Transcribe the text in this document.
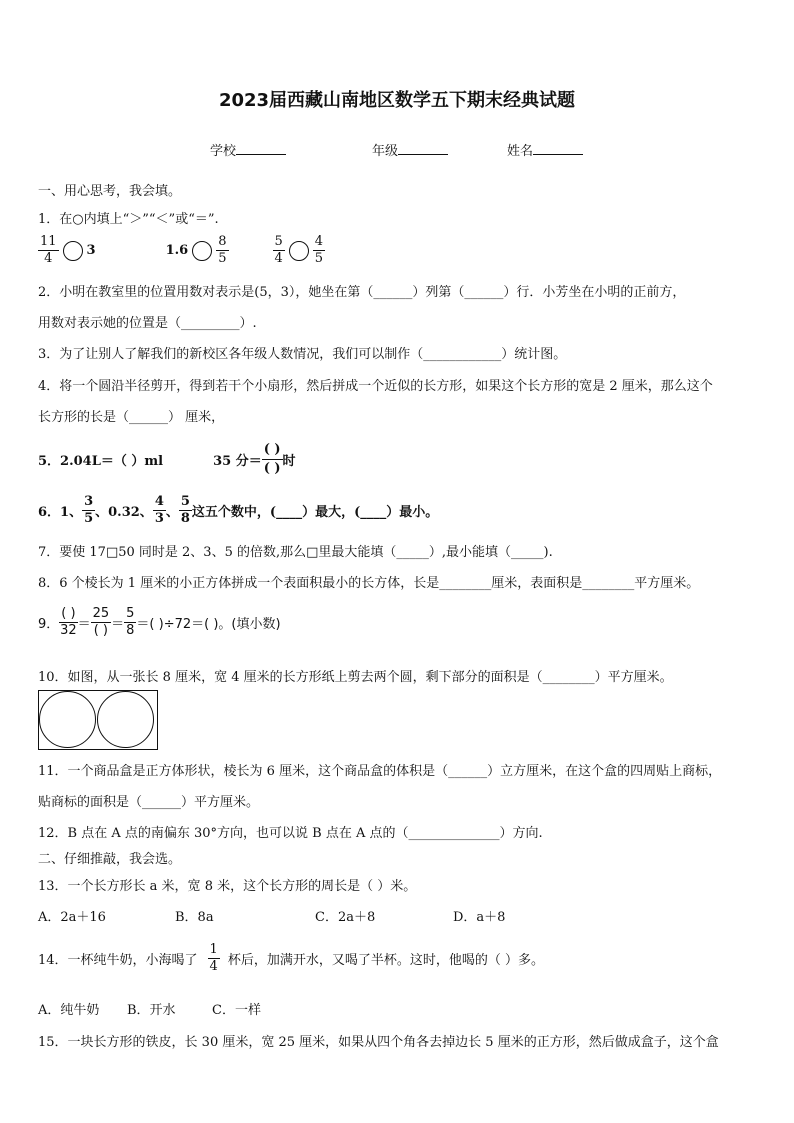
2023届西藏山南地区数学五下期末经典试题
学校	年级	姓名
一、用心思考，我会填。
1．在○内填上“＞”“＜”或“＝”.
$\frac{11}{4} 3$	$1.6 \frac{8}{5}$	$\frac{5}{4} \frac{4}{5}$
2．小明在教室里的位置用数对表示是(5，3），她坐在第（______）列第（______）行．小芳坐在小明的正前方，
用数对表示她的位置是（_________）.
3．为了让别人了解我们的新校区各年级人数情况，我们可以制作（____________）统计图。
4．将一个圆沿半径剪开，得到若干个小扇形，然后拼成一个近似的长方形，如果这个长方形的宽是 2 厘米，那么这个
长方形的长是（______） 厘米，
5．2.04L＝（ ）ml	35 分＝ $\frac{( )}{( )}$ 时
6．1、 $\frac{3}{5}$ 、0.32、 $\frac{4}{3}$ 、 $\frac{5}{8}$ 这五个数中，(____）最大，(____）最小。
7．要使 17□50 同时是 2、3、5 的倍数,那么□里最大能填（_____）,最小能填（_____).
8．6 个棱长为 1 厘米的小正方体拼成一个表面积最小的长方体，长是________厘米，表面积是________平方厘米。
9． $\frac{( )}{32} = \frac{25}{( )} = \frac{5}{8}$ ＝( )÷72＝( )。(填小数)
10．如图，从一张长 8 厘米，宽 4 厘米的长方形纸上剪去两个圆，剩下部分的面积是（________）平方厘米。
11．一个商品盒是正方体形状，棱长为 6 厘米，这个商品盒的体积是（______）立方厘米，在这个盒的四周贴上商标，
贴商标的面积是（______）平方厘米。
12．B 点在 A 点的南偏东 30°方向，也可以说 B 点在 A 点的（______________）方向.
二、仔细推敲，我会选。
13．一个长方形长 a 米，宽 8 米，这个长方形的周长是（ ）米。
A．2a＋16	B．8a	C．2a＋8	D．a＋8
14．一杯纯牛奶，小海喝了 $\frac{1}{4}$ 杯后，加满开水，又喝了半杯。这时，他喝的（ ）多。
A．纯牛奶 B．开水	C．一样
15．一块长方形的铁皮，长 30 厘米，宽 25 厘米，如果从四个角各去掉边长 5 厘米的正方形，然后做成盒子，这个盒
